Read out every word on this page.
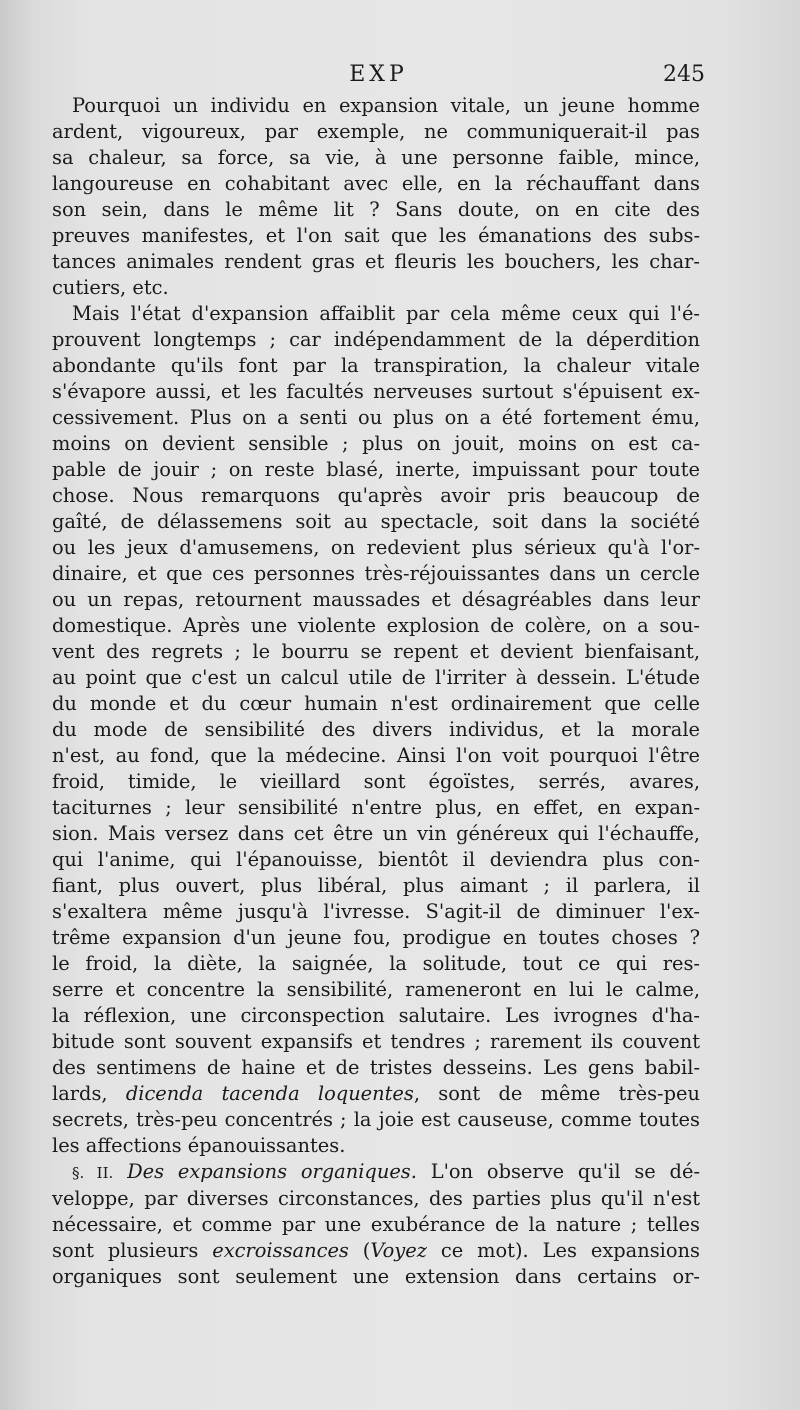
EXP	245

Pourquoi un individu en expansion vitale, un jeune homme
ardent, vigoureux, par exemple, ne communiquerait-il pas
sa chaleur, sa force, sa vie, à une personne faible, mince,
langoureuse en cohabitant avec elle, en la réchauffant dans
son sein, dans le même lit ? Sans doute, on en cite des
preuves manifestes, et l'on sait que les émanations des subs-
tances animales rendent gras et fleuris les bouchers, les char-
cutiers, etc.

Mais l'état d'expansion affaiblit par cela même ceux qui l'é-
prouvent longtemps ; car indépendamment de la déperdition
abondante qu'ils font par la transpiration, la chaleur vitale
s'évapore aussi, et les facultés nerveuses surtout s'épuisent ex-
cessivement. Plus on a senti ou plus on a été fortement ému,
moins on devient sensible ; plus on jouit, moins on est ca-
pable de jouir ; on reste blasé, inerte, impuissant pour toute
chose. Nous remarquons qu'après avoir pris beaucoup de
gaîté, de délassemens soit au spectacle, soit dans la société
ou les jeux d'amusemens, on redevient plus sérieux qu'à l'or-
dinaire, et que ces personnes très-réjouissantes dans un cercle
ou un repas, retournent maussades et désagréables dans leur
domestique. Après une violente explosion de colère, on a sou-
vent des regrets ; le bourru se repent et devient bienfaisant,
au point que c'est un calcul utile de l'irriter à dessein. L'étude
du monde et du cœur humain n'est ordinairement que celle
du mode de sensibilité des divers individus, et la morale
n'est, au fond, que la médecine. Ainsi l'on voit pourquoi l'être
froid, timide, le vieillard sont égoïstes, serrés, avares,
taciturnes ; leur sensibilité n'entre plus, en effet, en expan-
sion. Mais versez dans cet être un vin généreux qui l'échauffe,
qui l'anime, qui l'épanouisse, bientôt il deviendra plus con-
fiant, plus ouvert, plus libéral, plus aimant ; il parlera, il
s'exaltera même jusqu'à l'ivresse. S'agit-il de diminuer l'ex-
trême expansion d'un jeune fou, prodigue en toutes choses ?
le froid, la diète, la saignée, la solitude, tout ce qui res-
serre et concentre la sensibilité, rameneront en lui le calme,
la réflexion, une circonspection salutaire. Les ivrognes d'ha-
bitude sont souvent expansifs et tendres ; rarement ils couvent
des sentimens de haine et de tristes desseins. Les gens babil-
lards, dicenda tacenda loquentes, sont de même très-peu
secrets, très-peu concentrés ; la joie est causeuse, comme toutes
les affections épanouissantes.

§. II. Des expansions organiques. L'on observe qu'il se dé-
veloppe, par diverses circonstances, des parties plus qu'il n'est
nécessaire, et comme par une exubérance de la nature ; telles
sont plusieurs excroissances (Voyez ce mot). Les expansions
organiques sont seulement une extension dans certains or-
